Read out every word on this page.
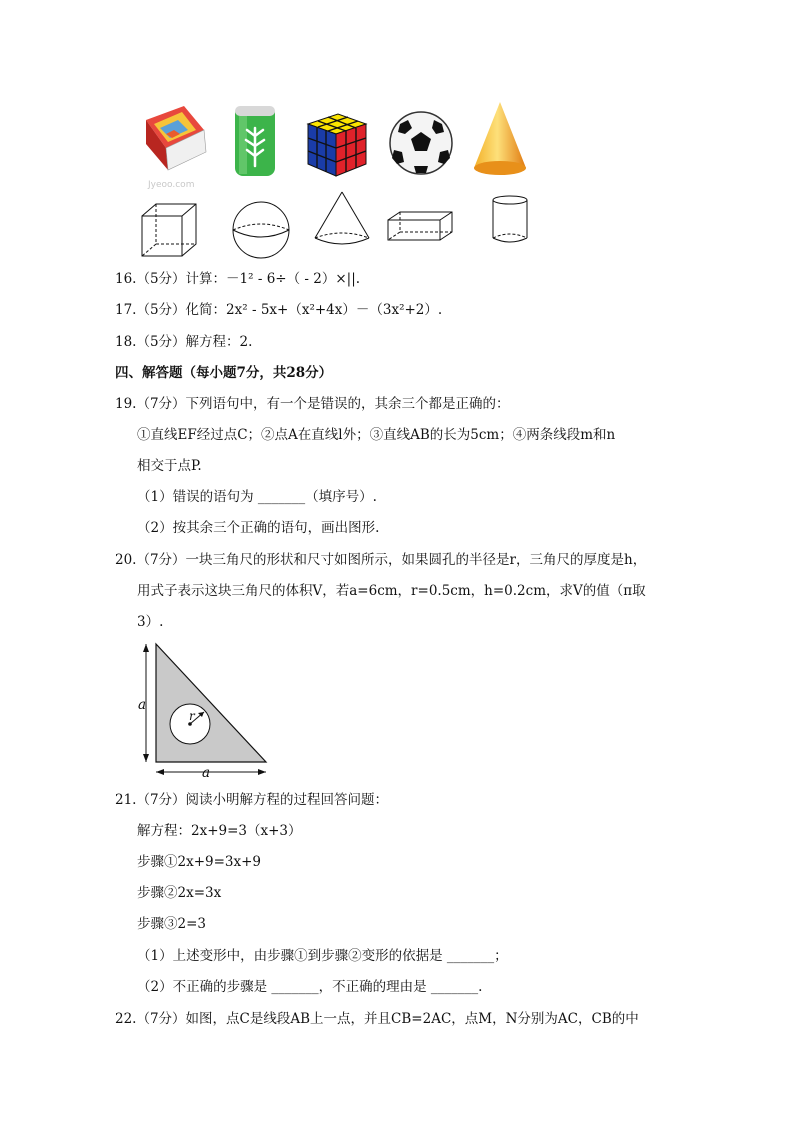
Jyeoo.com
16.（5分）计算：－1² - 6÷（ - 2）×||.
17.（5分）化简：2x² - 5x+（x²+4x）－（3x²+2）.
18.（5分）解方程：2.
四、解答题（每小题7分，共28分）
19.（7分）下列语句中，有一个是错误的，其余三个都是正确的：
①直线EF经过点C；②点A在直线l外；③直线AB的长为5cm；④两条线段m和n
相交于点P.
（1）错误的语句为 _______（填序号）.
（2）按其余三个正确的语句，画出图形.
20.（7分）一块三角尺的形状和尺寸如图所示，如果圆孔的半径是r，三角尺的厚度是h，
用式子表示这块三角尺的体积V，若a=6cm，r=0.5cm，h=0.2cm，求V的值（π取
3）.
a
a
r
21.（7分）阅读小明解方程的过程回答问题：
解方程：2x+9=3（x+3）
步骤①2x+9=3x+9
步骤②2x=3x
步骤③2=3
（1）上述变形中，由步骤①到步骤②变形的依据是 _______；
（2）不正确的步骤是 _______，不正确的理由是 _______.
22.（7分）如图，点C是线段AB上一点，并且CB=2AC，点M，N分别为AC，CB的中
